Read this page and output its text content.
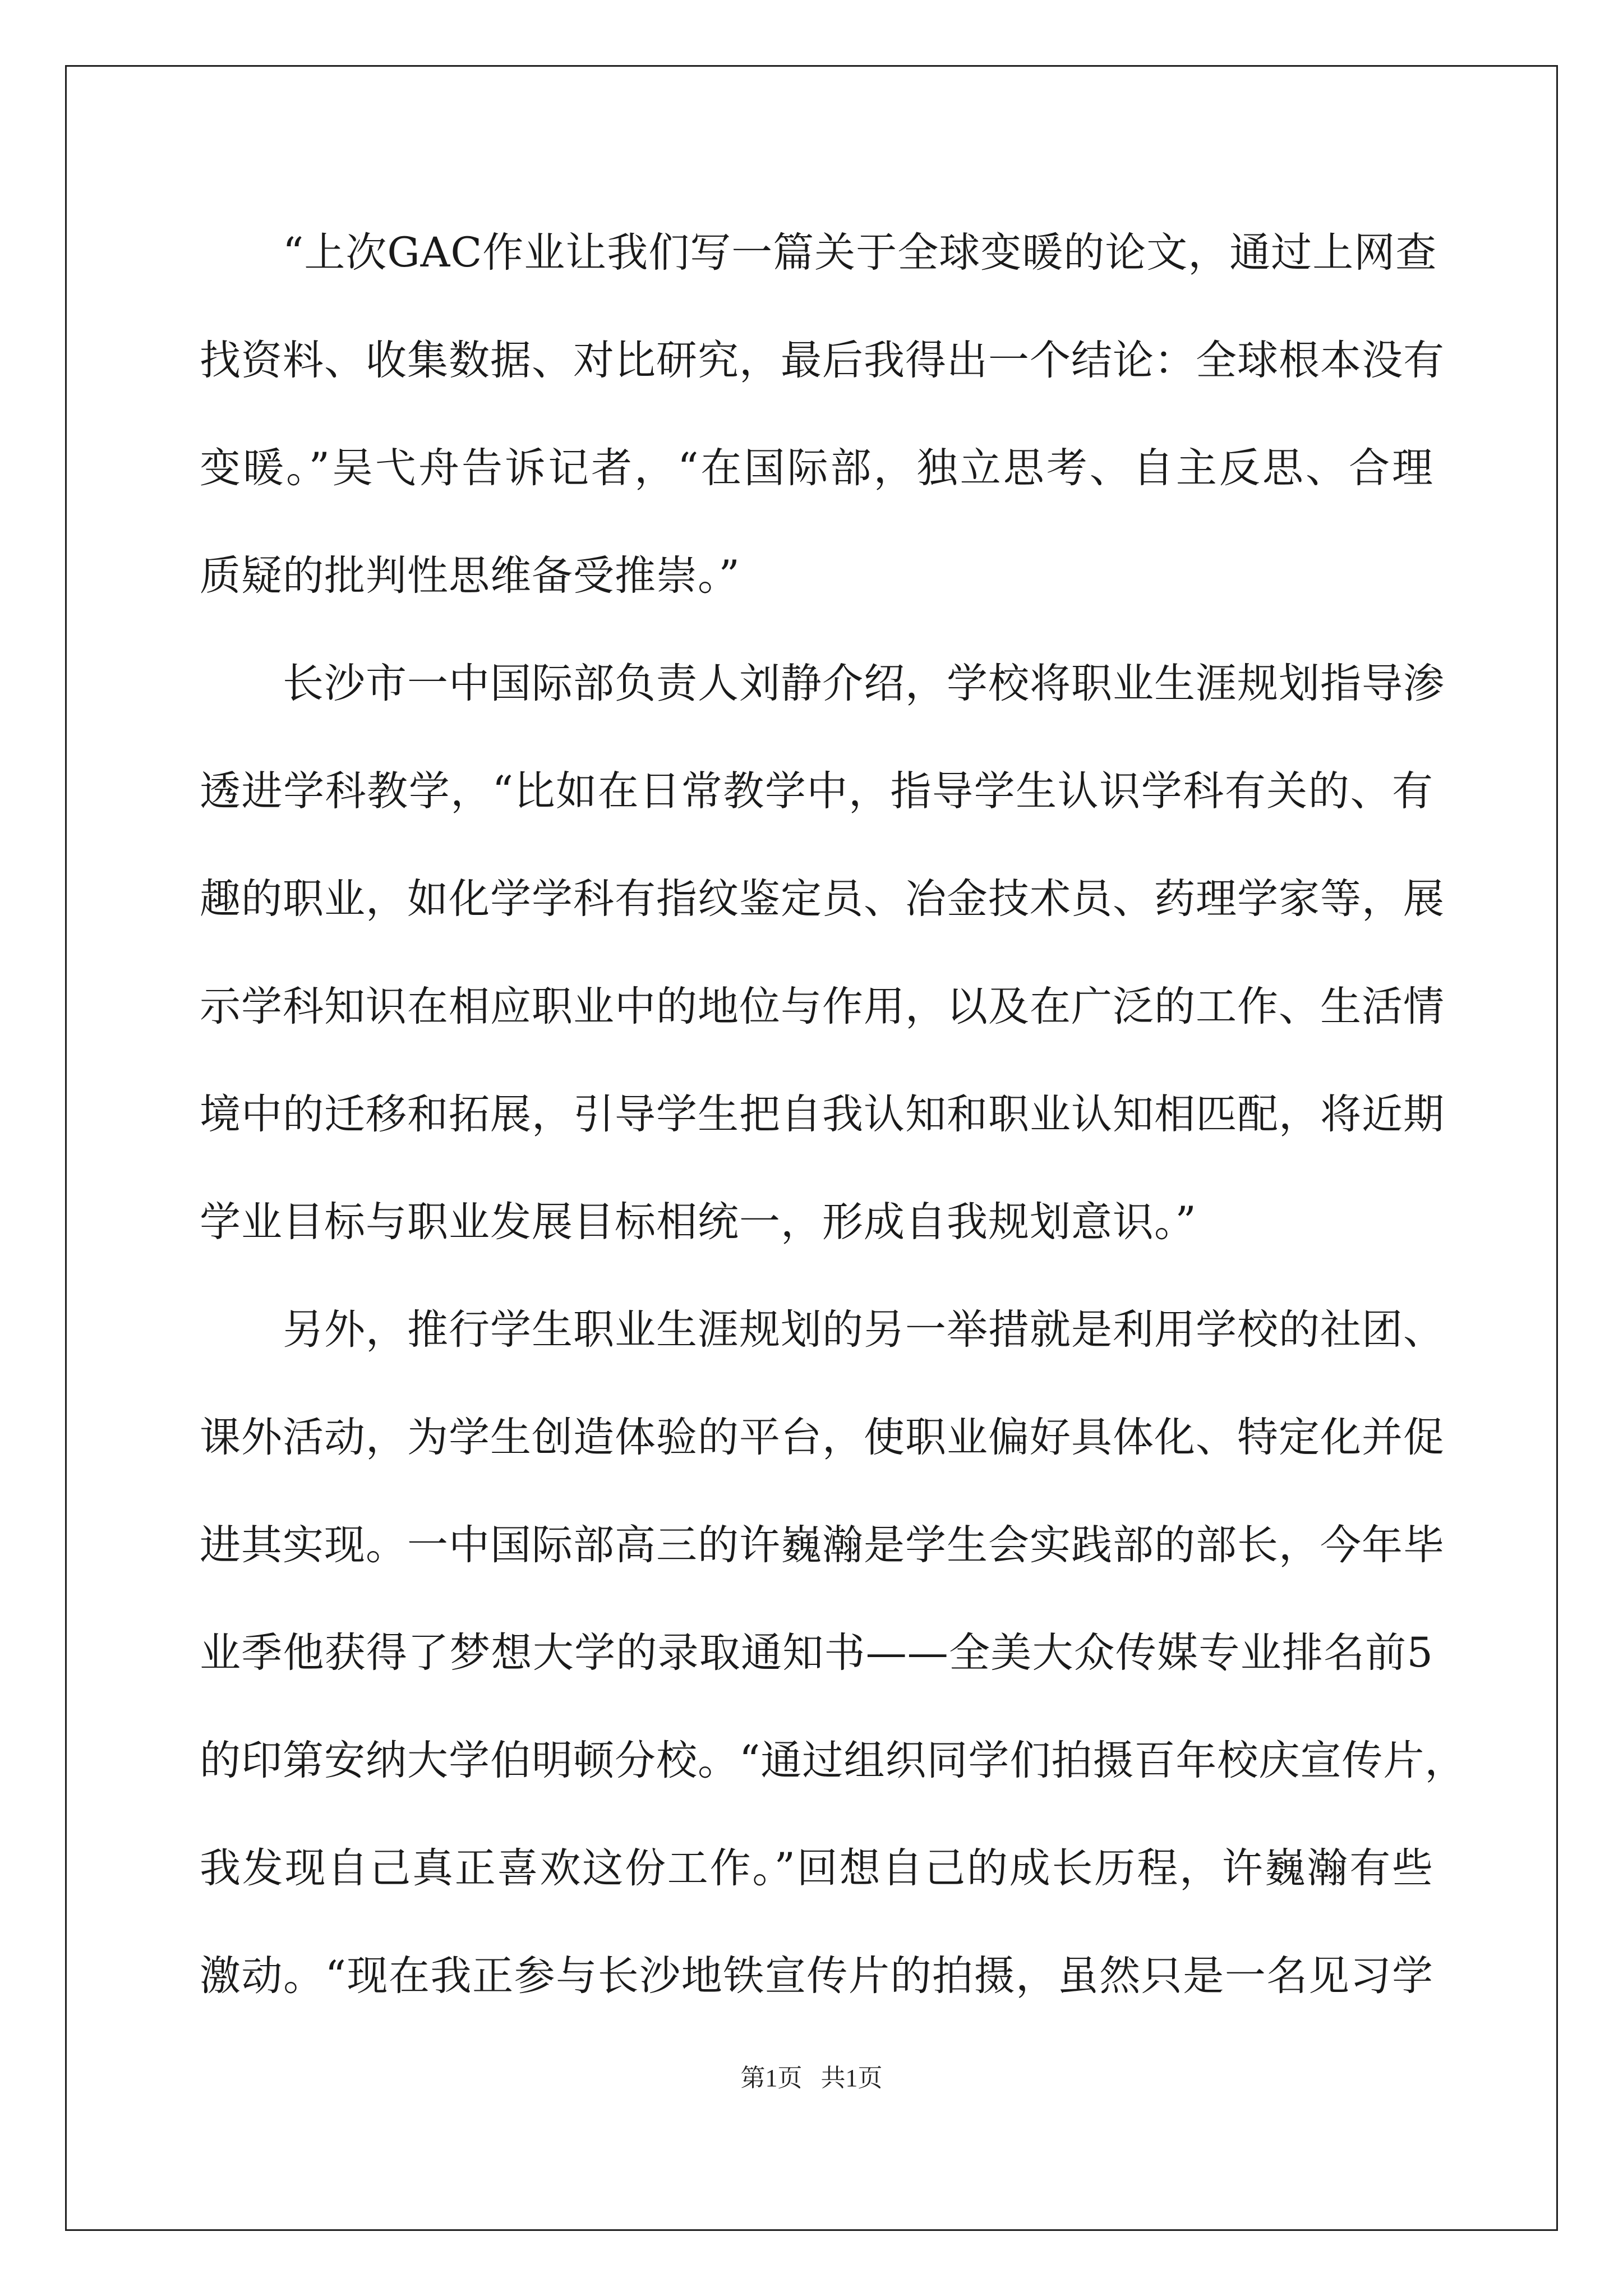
“上次GAC作业让我们写一篇关于全球变暖的论文，通过上网查
找资料、收集数据、对比研究，最后我得出一个结论：全球根本没有
变暖。”吴弋舟告诉记者，“在国际部，独立思考、自主反思、合理
质疑的批判性思维备受推崇。”
长沙市一中国际部负责人刘静介绍，学校将职业生涯规划指导渗
透进学科教学，“比如在日常教学中，指导学生认识学科有关的、有
趣的职业，如化学学科有指纹鉴定员、冶金技术员、药理学家等，展
示学科知识在相应职业中的地位与作用，以及在广泛的工作、生活情
境中的迁移和拓展，引导学生把自我认知和职业认知相匹配，将近期
学业目标与职业发展目标相统一，形成自我规划意识。”
另外，推行学生职业生涯规划的另一举措就是利用学校的社团、
课外活动，为学生创造体验的平台，使职业偏好具体化、特定化并促
进其实现。一中国际部高三的许巍瀚是学生会实践部的部长，今年毕
业季他获得了梦想大学的录取通知书——全美大众传媒专业排名前5
的印第安纳大学伯明顿分校。“通过组织同学们拍摄百年校庆宣传片，
我发现自己真正喜欢这份工作。”回想自己的成长历程，许巍瀚有些
激动。“现在我正参与长沙地铁宣传片的拍摄，虽然只是一名见习学
第1页 共1页
